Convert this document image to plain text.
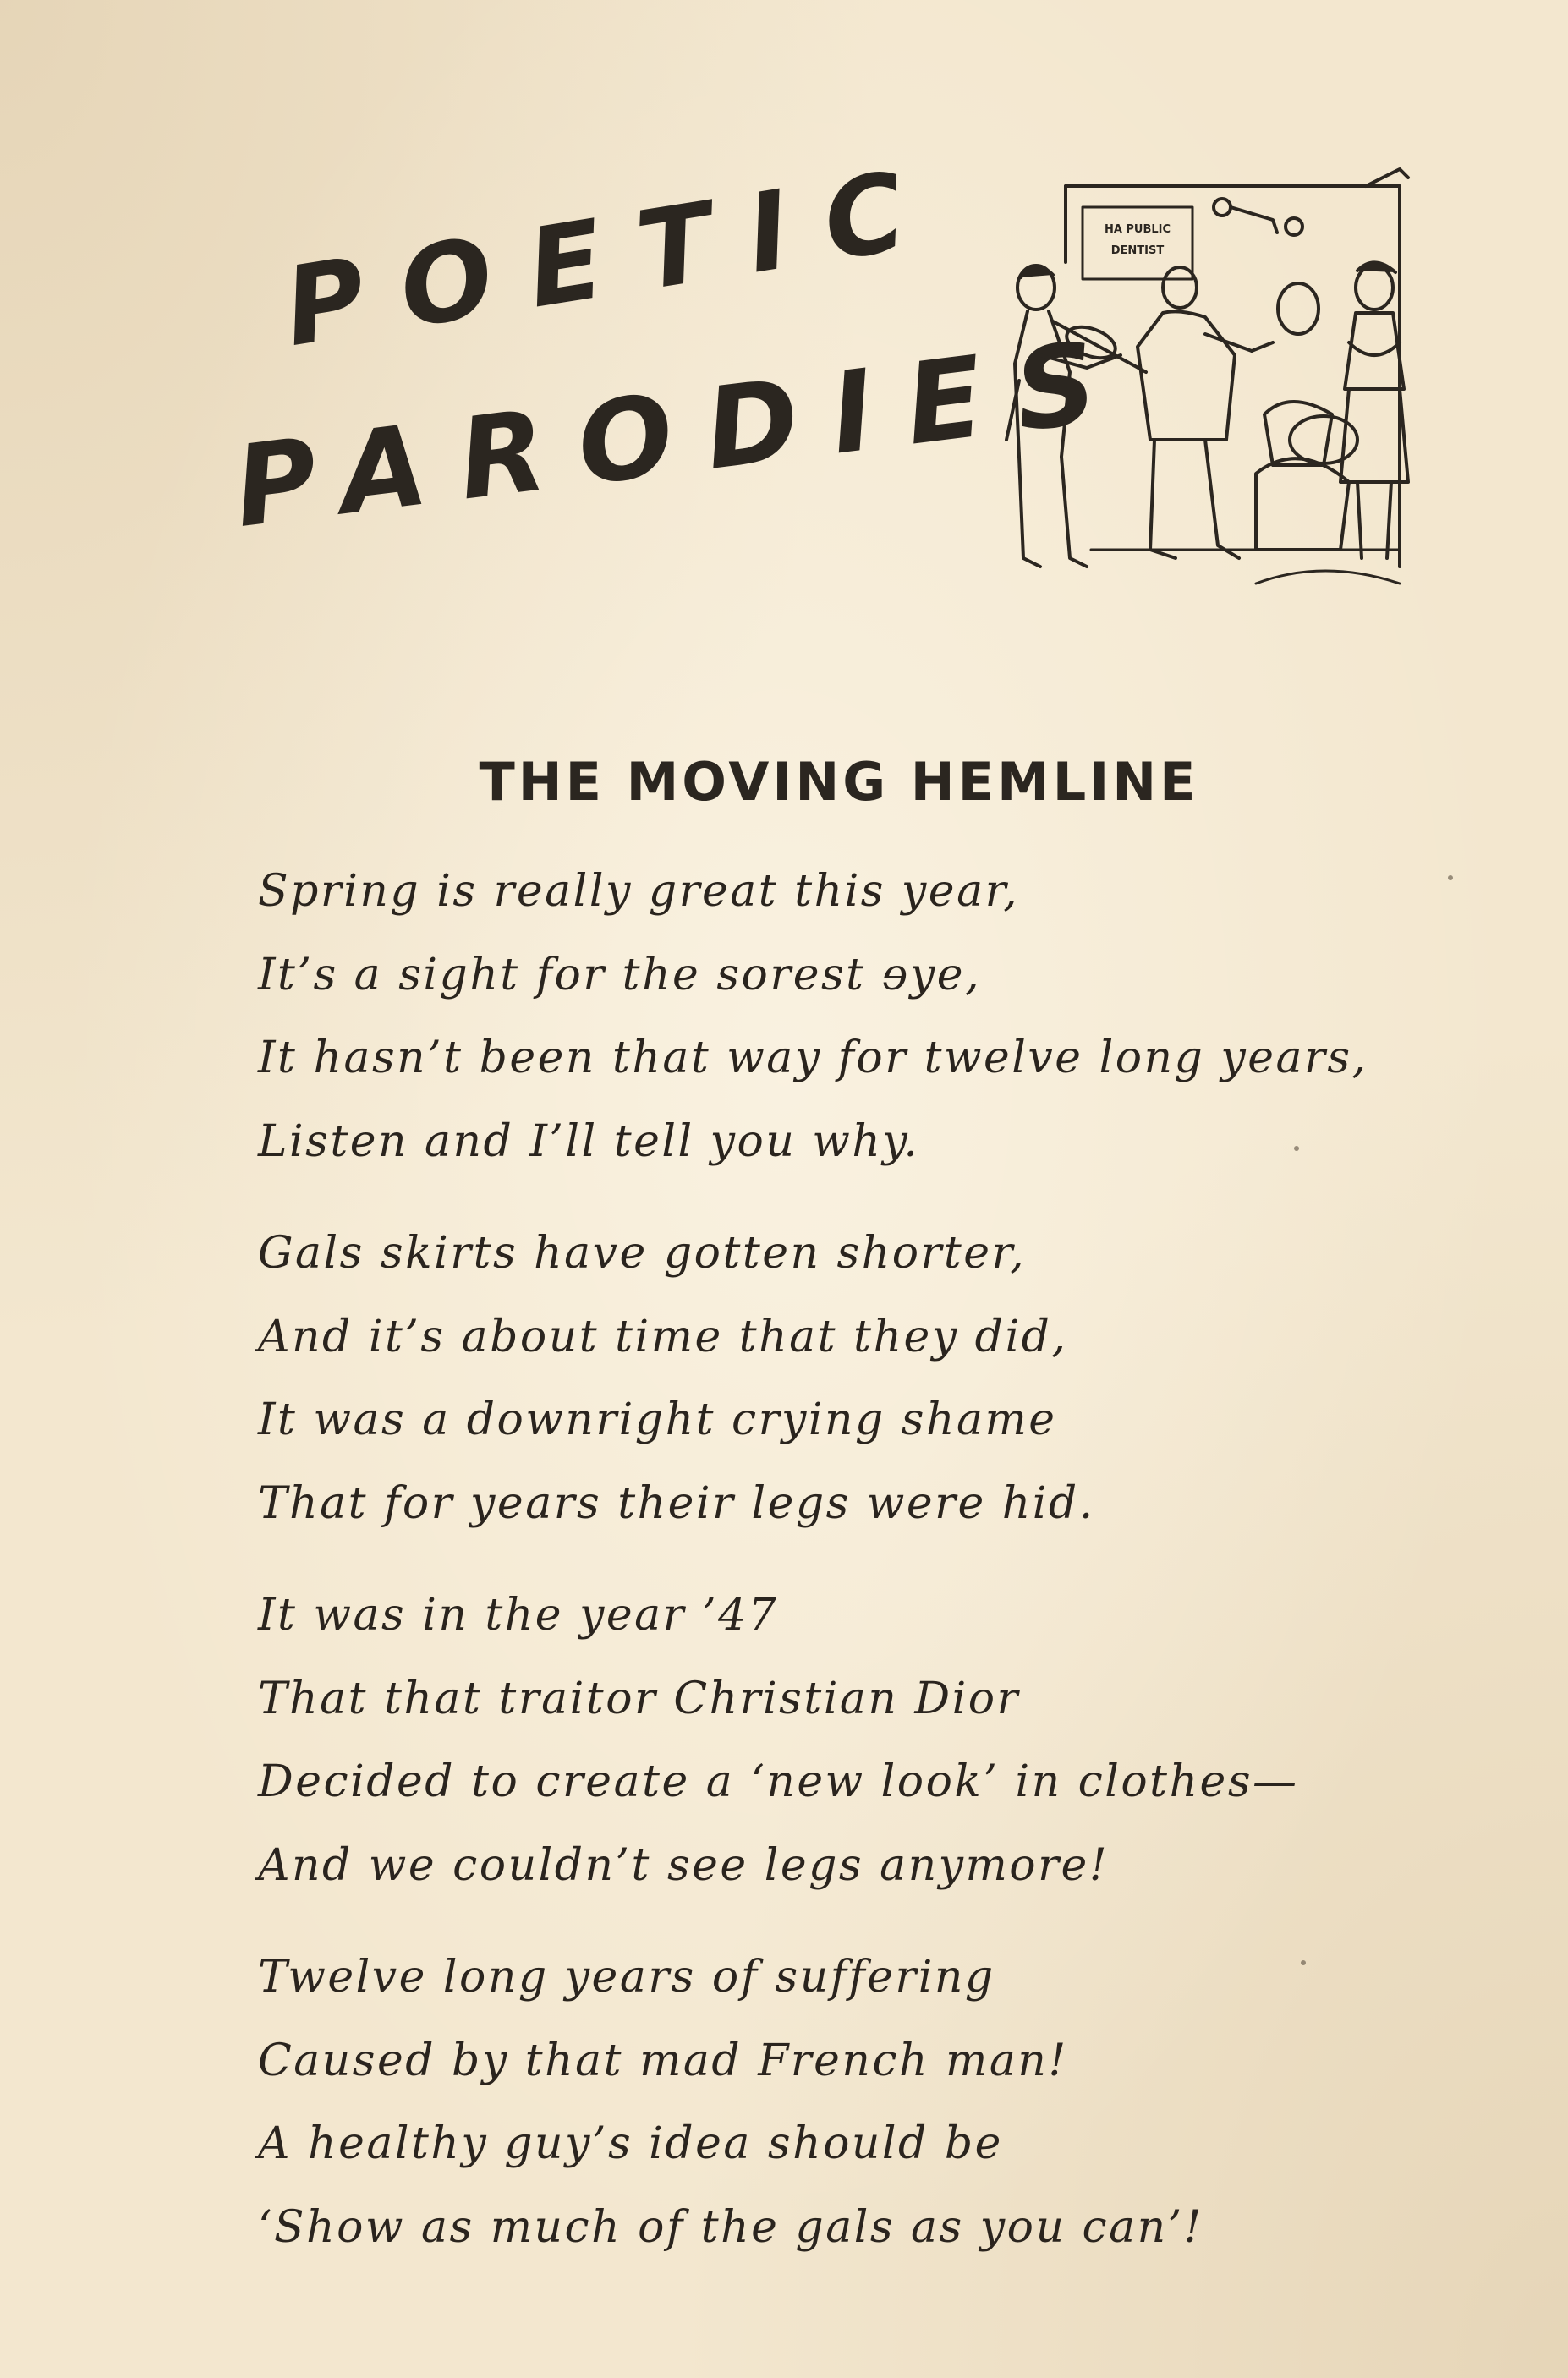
POETIC
PARODIES
HA PUBLIC
DENTIST
THE MOVING HEMLINE
Spring is really great this year,
It’s a sight for the sorest ɘye,
It hasn’t been that way for twelve long years,
Listen and I’ll tell you why.
Gals skirts have gotten shorter,
And it’s about time that they did,
It was a downright crying shame
That for years their legs were hid.
It was in the year ’47
That that traitor Christian Dior
Decided to create a ‘new look’ in clothes—
And we couldn’t see legs anymore!
Twelve long years of suffering
Caused by that mad French man!
A healthy guy’s idea should be
‘Show as much of the gals as you can’!
